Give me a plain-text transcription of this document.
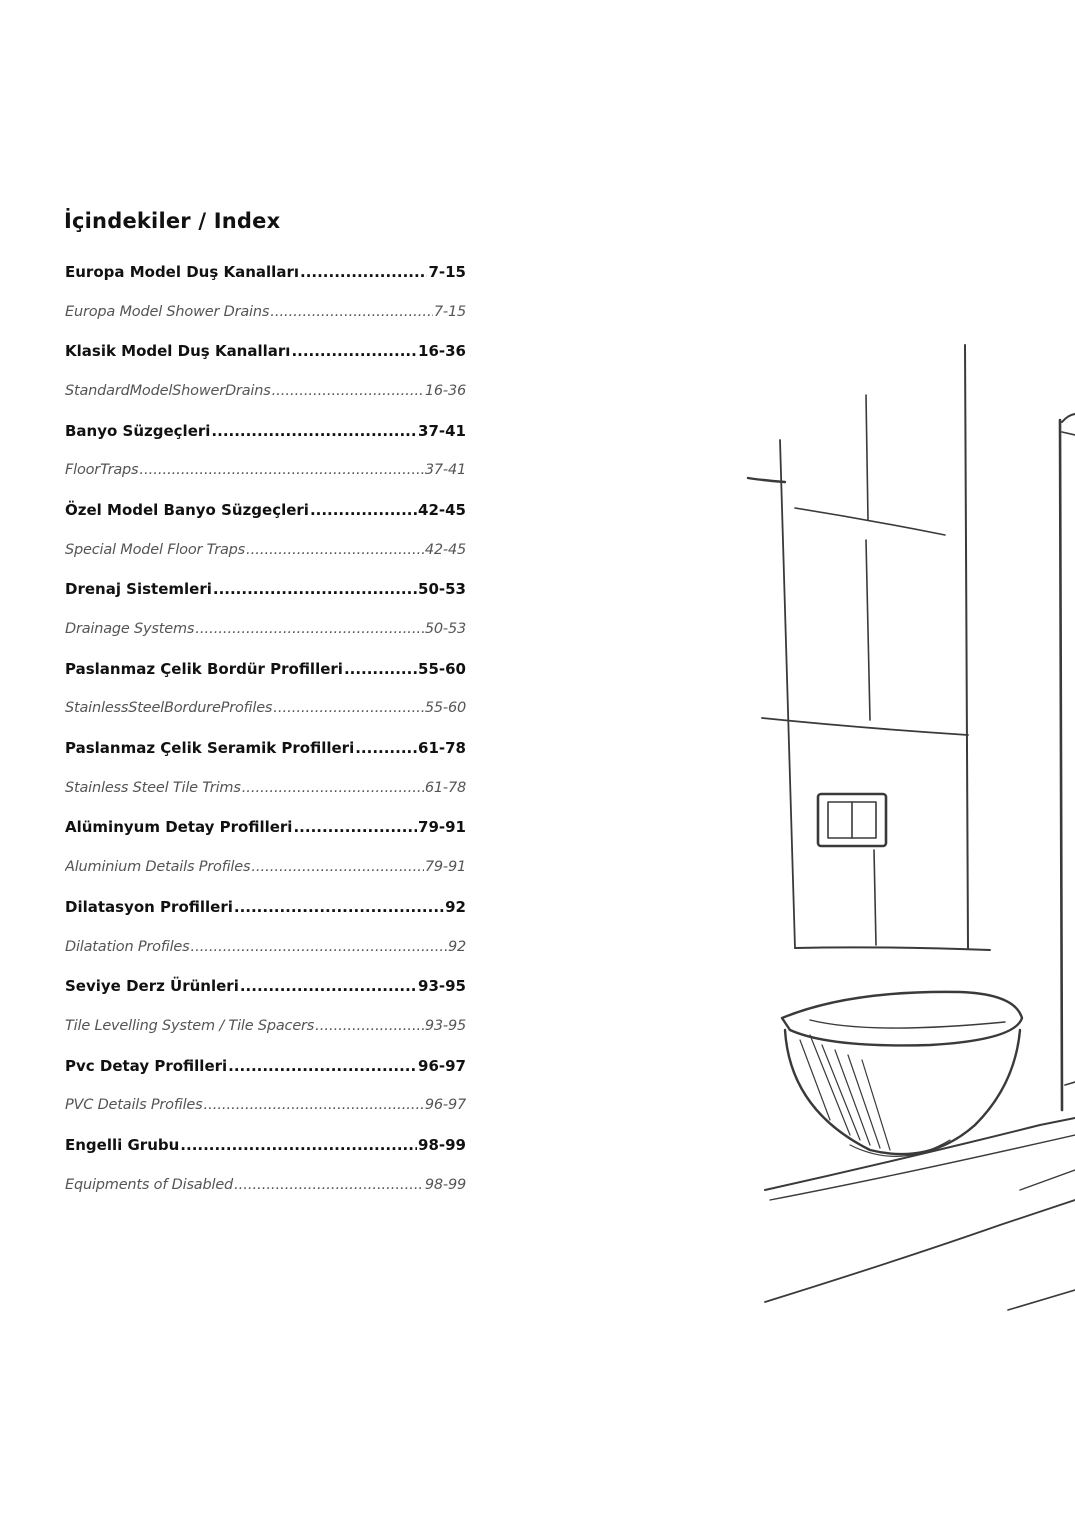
İçindekiler / Index
Europa Model Duş Kanalları .....	7-15
Europa Model Shower Drains .....	7-15
Klasik Model Duş Kanalları .....	16-36
StandardModelShowerDrains .....	16-36
Banyo Süzgeçleri .....	37-41
FloorTraps .....	37-41
Özel Model Banyo Süzgeçleri .....	42-45
Special Model Floor Traps .....	42-45
Drenaj Sistemleri .....	50-53
Drainage Systems .....	50-53
Paslanmaz Çelik Bordür Profilleri .....	55-60
StainlessSteelBordureProfiles .....	55-60
Paslanmaz Çelik Seramik Profilleri .....	61-78
Stainless Steel Tile Trims .....	61-78
Alüminyum Detay Profilleri .....	79-91
Aluminium Details Profiles .....	79-91
Dilatasyon Profilleri .....	92
Dilatation Profiles .....	92
Seviye Derz Ürünleri .....	93-95
Tile Levelling System / Tile Spacers .....	93-95
Pvc Detay Profilleri .....	96-97
PVC Details Profiles .....	96-97
Engelli Grubu .....	98-99
Equipments of Disabled .....	98-99
